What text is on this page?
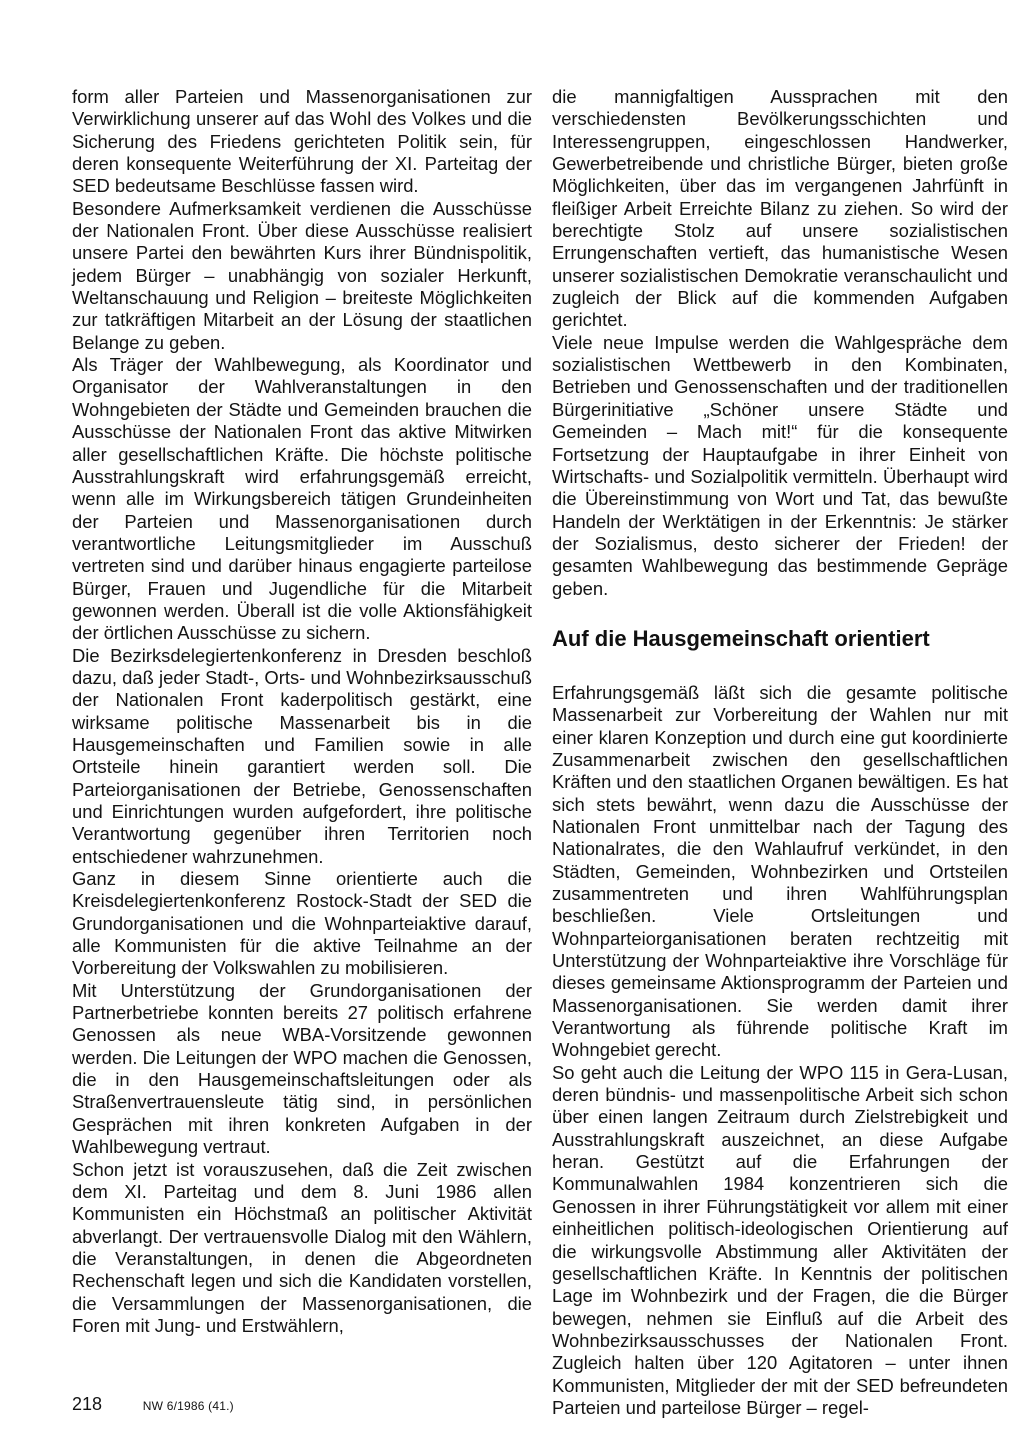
form aller Parteien und Massenorganisationen zur Verwirklichung unserer auf das Wohl des Volkes und die Sicherung des Friedens gerichteten Politik sein, für deren konsequente Weiterführung der XI. Parteitag der SED bedeutsame Beschlüsse fassen wird.

Besondere Aufmerksamkeit verdienen die Ausschüsse der Nationalen Front. Über diese Ausschüsse realisiert unsere Partei den bewährten Kurs ihrer Bündnispolitik, jedem Bürger – unabhängig von sozialer Herkunft, Weltanschauung und Religion – breiteste Möglichkeiten zur tatkräftigen Mitarbeit an der Lösung der staatlichen Belange zu geben.

Als Träger der Wahlbewegung, als Koordinator und Organisator der Wahlveranstaltungen in den Wohngebieten der Städte und Gemeinden brauchen die Ausschüsse der Nationalen Front das aktive Mitwirken aller gesellschaftlichen Kräfte. Die höchste politische Ausstrahlungskraft wird erfahrungsgemäß erreicht, wenn alle im Wirkungsbereich tätigen Grundeinheiten der Parteien und Massenorganisationen durch verantwortliche Leitungsmitglieder im Ausschuß vertreten sind und darüber hinaus engagierte parteilose Bürger, Frauen und Jugendliche für die Mitarbeit gewonnen werden. Überall ist die volle Aktionsfähigkeit der örtlichen Ausschüsse zu sichern.

Die Bezirksdelegiertenkonferenz in Dresden beschloß dazu, daß jeder Stadt-, Orts- und Wohnbezirksausschuß der Nationalen Front kaderpolitisch gestärkt, eine wirksame politische Massenarbeit bis in die Hausgemeinschaften und Familien sowie in alle Ortsteile hinein garantiert werden soll. Die Parteiorganisationen der Betriebe, Genossenschaften und Einrichtungen wurden aufgefordert, ihre politische Verantwortung gegenüber ihren Territorien noch entschiedener wahrzunehmen.

Ganz in diesem Sinne orientierte auch die Kreisdelegiertenkonferenz Rostock-Stadt der SED die Grundorganisationen und die Wohnparteiaktive darauf, alle Kommunisten für die aktive Teilnahme an der Vorbereitung der Volkswahlen zu mobilisieren.

Mit Unterstützung der Grundorganisationen der Partnerbetriebe konnten bereits 27 politisch erfahrene Genossen als neue WBA-Vorsitzende gewonnen werden. Die Leitungen der WPO machen die Genossen, die in den Hausgemeinschaftsleitungen oder als Straßenvertrauensleute tätig sind, in persönlichen Gesprächen mit ihren konkreten Aufgaben in der Wahlbewegung vertraut.

Schon jetzt ist vorauszusehen, daß die Zeit zwischen dem XI. Parteitag und dem 8. Juni 1986 allen Kommunisten ein Höchstmaß an politischer Aktivität abverlangt. Der vertrauensvolle Dialog mit den Wählern, die Veranstaltungen, in denen die Abgeordneten Rechenschaft legen und sich die Kandidaten vorstellen, die Versammlungen der Massenorganisationen, die Foren mit Jung- und Erstwählern,

die mannigfaltigen Aussprachen mit den verschiedensten Bevölkerungsschichten und Interessengruppen, eingeschlossen Handwerker, Gewerbetreibende und christliche Bürger, bieten große Möglichkeiten, über das im vergangenen Jahrfünft in fleißiger Arbeit Erreichte Bilanz zu ziehen. So wird der berechtigte Stolz auf unsere sozialistischen Errungenschaften vertieft, das humanistische Wesen unserer sozialistischen Demokratie veranschaulicht und zugleich der Blick auf die kommenden Aufgaben gerichtet.

Viele neue Impulse werden die Wahlgespräche dem sozialistischen Wettbewerb in den Kombinaten, Betrieben und Genossenschaften und der traditionellen Bürgerinitiative „Schöner unsere Städte und Gemeinden – Mach mit!“ für die konsequente Fortsetzung der Hauptaufgabe in ihrer Einheit von Wirtschafts- und Sozialpolitik vermitteln. Überhaupt wird die Übereinstimmung von Wort und Tat, das bewußte Handeln der Werktätigen in der Erkenntnis: Je stärker der Sozialismus, desto sicherer der Frieden! der gesamten Wahlbewegung das bestimmende Gepräge geben.

Auf die Hausgemeinschaft orientiert

Erfahrungsgemäß läßt sich die gesamte politische Massenarbeit zur Vorbereitung der Wahlen nur mit einer klaren Konzeption und durch eine gut koordinierte Zusammenarbeit zwischen den gesellschaftlichen Kräften und den staatlichen Organen bewältigen. Es hat sich stets bewährt, wenn dazu die Ausschüsse der Nationalen Front unmittelbar nach der Tagung des Nationalrates, die den Wahlaufruf verkündet, in den Städten, Gemeinden, Wohnbezirken und Ortsteilen zusammentreten und ihren Wahlführungsplan beschließen. Viele Ortsleitungen und Wohnparteiorganisationen beraten rechtzeitig mit Unterstützung der Wohnparteiaktive ihre Vorschläge für dieses gemeinsame Aktionsprogramm der Parteien und Massenorganisationen. Sie werden damit ihrer Verantwortung als führende politische Kraft im Wohngebiet gerecht.

So geht auch die Leitung der WPO 115 in Gera-Lusan, deren bündnis- und massenpolitische Arbeit sich schon über einen langen Zeitraum durch Zielstrebigkeit und Ausstrahlungskraft auszeichnet, an diese Aufgabe heran. Gestützt auf die Erfahrungen der Kommunalwahlen 1984 konzentrieren sich die Genossen in ihrer Führungstätigkeit vor allem mit einer einheitlichen politisch-ideologischen Orientierung auf die wirkungsvolle Abstimmung aller Aktivitäten der gesellschaftlichen Kräfte. In Kenntnis der politischen Lage im Wohnbezirk und der Fragen, die die Bürger bewegen, nehmen sie Einfluß auf die Arbeit des Wohnbezirksausschusses der Nationalen Front. Zugleich halten über 120 Agitatoren – unter ihnen Kommunisten, Mitglieder der mit der SED befreundeten Parteien und parteilose Bürger – regel-

218	NW 6/1986 (41.)
